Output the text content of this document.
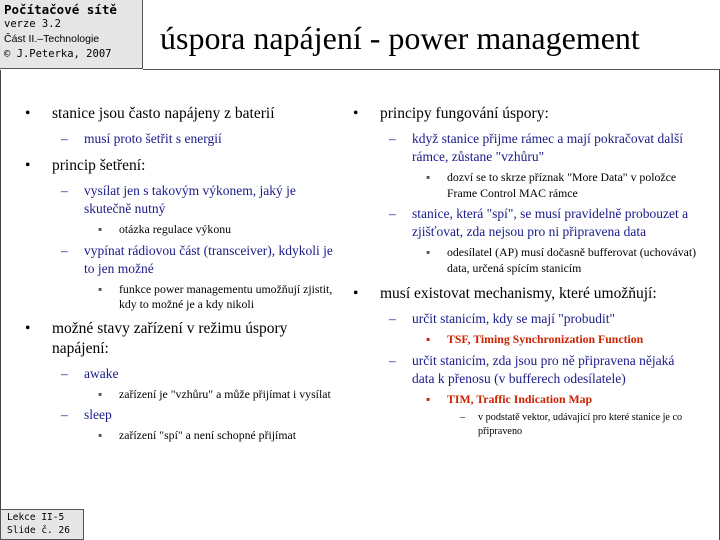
Počítačové sítě
verze 3.2
Část II.–Technologie
© J.Peterka, 2007	úspora napájení - power management
• stanice jsou často napájeny z baterií
– musí proto šetřit s energií
• princip šetření:
– vysílat jen s takovým výkonem, jaký je skutečně nutný
▪ otázka regulace výkonu
– vypínat rádiovou část (transceiver), kdykoli je to jen možné
▪ funkce power managementu umožňují zjistit, kdy to možné je a kdy nikoli
• možné stavy zařízení v režimu úspory napájení:
– awake
▪ zařízení je "vzhůru" a může přijímat i vysílat
– sleep
▪ zařízení "spí" a není schopné přijímat
• principy fungování úspory:
– když stanice přijme rámec a mají pokračovat další rámce, zůstane "vzhůru"
▪ dozví se to skrze příznak "More Data" v položce Frame Control MAC rámce
– stanice, která "spí", se musí pravidelně probouzet a zjišťovat, zda nejsou pro ni připravena data
▪ odesílatel (AP) musí dočasně bufferovat (uchovávat) data, určená spícím stanicím
• musí existovat mechanismy, které umožňují:
– určit stanicím, kdy se mají "probudit"
▪ TSF, Timing Synchronization Function
– určit stanicím, zda jsou pro ně připravena nějaká data k přenosu (v bufferech odesílatele)
▪ TIM, Traffic Indication Map
– v podstatě vektor, udávající pro které stanice je co připraveno
Lekce II-5
Slide č. 26
